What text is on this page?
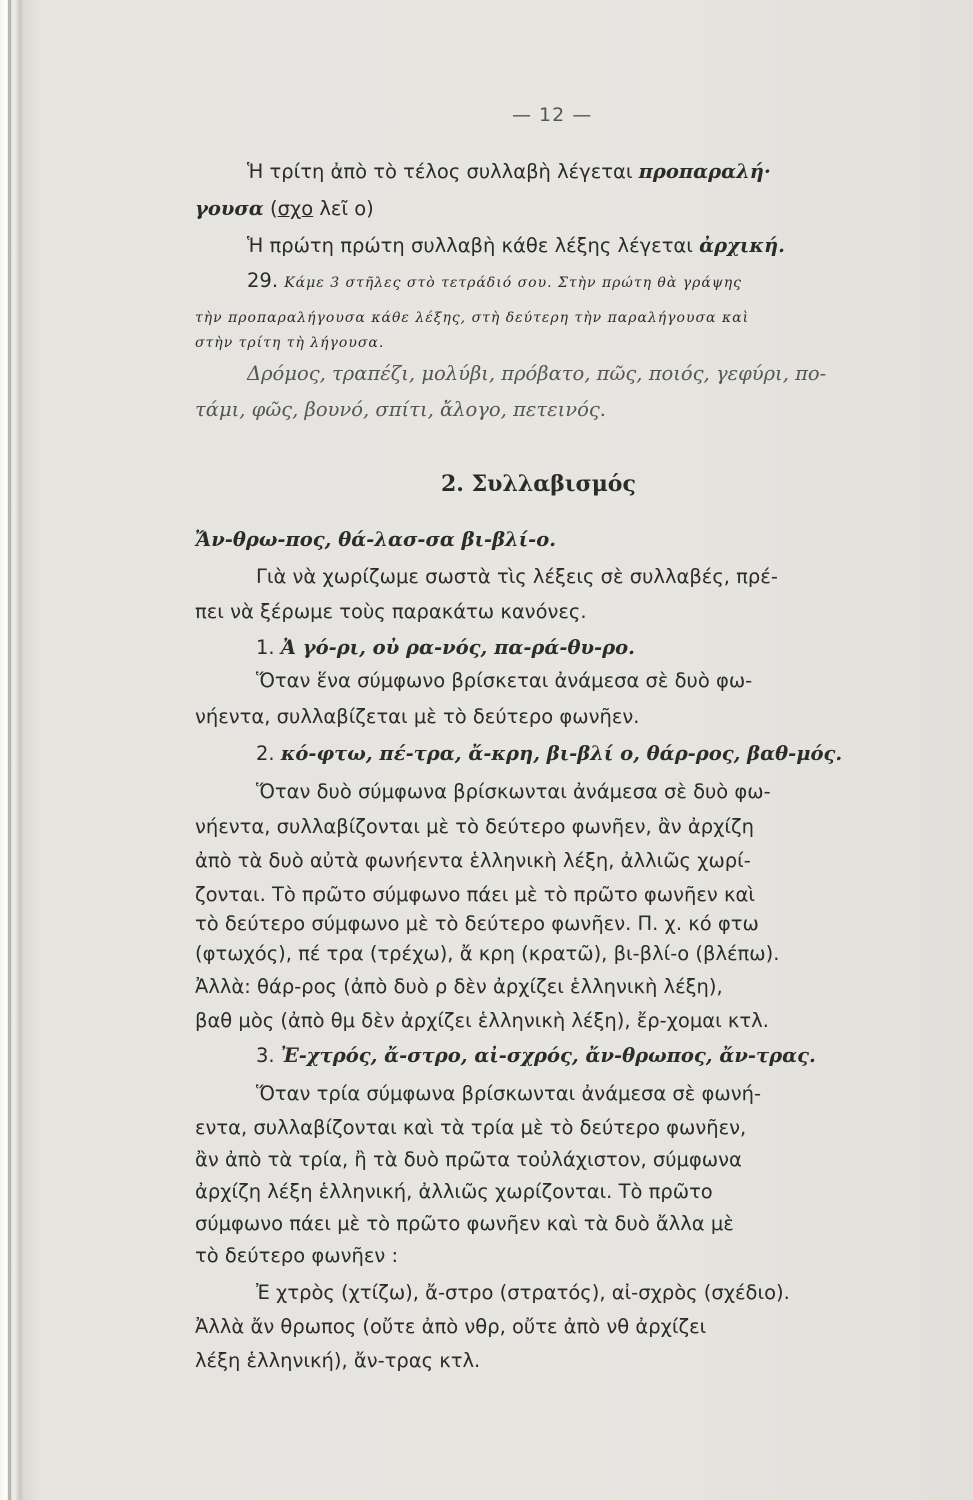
— 12 —
Ἡ τρίτη ἀπὸ τὸ τέλος συλλαβὴ λέγεται προπαραλή·
γουσα (σχο λεῖ ο)
Ἡ πρώτη πρώτη συλλαβὴ κάθε λέξης λέγεται ἀρχική.
29. Κάμε 3 στῆλες στὸ τετράδιό σου. Στὴν πρώτη θὰ γράψης
τὴν προπαραλήγουσα κάθε λέξης, στὴ δεύτερη τὴν παραλήγουσα καὶ
στὴν τρίτη τὴ λήγουσα.
Δρόμος, τραπέζι, μολύβι, πρόβατο, πῶς, ποιός, γεφύρι, πο-
τάμι, φῶς, βουνό, σπίτι, ἄλογο, πετεινός.
2. Συλλαβισμός
Ἄν-θρω-πος, θά-λασ-σα βι-βλί-ο.
Γιὰ νὰ χωρίζωμε σωστὰ τὶς λέξεις σὲ συλλαβές, πρέ-
πει νὰ ξέρωμε τοὺς παρακάτω κανόνες.
1. Ἀ γό-ρι, οὐ ρα-νός, πα-ρά-θυ-ρο.
Ὅταν ἕνα σύμφωνο βρίσκεται ἀνάμεσα σὲ δυὸ φω-
νήεντα, συλλαβίζεται μὲ τὸ δεύτερο φωνῆεν.
2. κό-φτω, πέ-τρα, ἄ-κρη, βι-βλί ο, θάρ-ρος, βαθ-μός.
Ὅταν δυὸ σύμφωνα βρίσκωνται ἀνάμεσα σὲ δυὸ φω-
νήεντα, συλλαβίζονται μὲ τὸ δεύτερο φωνῆεν, ἂν ἀρχίζη
ἀπὸ τὰ δυὸ αὐτὰ φωνήεντα ἑλληνικὴ λέξη, ἀλλιῶς χωρί-
ζονται. Τὸ πρῶτο σύμφωνο πάει μὲ τὸ πρῶτο φωνῆεν καὶ
τὸ δεύτερο σύμφωνο μὲ τὸ δεύτερο φωνῆεν. Π. χ. κό φτω
(φτωχός), πέ τρα (τρέχω), ἄ κρη (κρατῶ), βι-βλί-ο (βλέπω).
Ἀλλὰ: θάρ-ρος (ἀπὸ δυὸ ρ δὲν ἀρχίζει ἑλληνικὴ λέξη),
βαθ μὸς (ἀπὸ θμ δὲν ἀρχίζει ἑλληνικὴ λέξη), ἔρ-χομαι κτλ.
3. Ἐ-χτρός, ἄ-στρο, αἰ-σχρός, ἄν-θρωπος, ἄν-τρας.
Ὅταν τρία σύμφωνα βρίσκωνται ἀνάμεσα σὲ φωνή-
εντα, συλλαβίζονται καὶ τὰ τρία μὲ τὸ δεύτερο φωνῆεν,
ἂν ἀπὸ τὰ τρία, ἢ τὰ δυὸ πρῶτα τοὐλάχιστον, σύμφωνα
ἀρχίζη λέξη ἑλληνική, ἀλλιῶς χωρίζονται. Τὸ πρῶτο
σύμφωνο πάει μὲ τὸ πρῶτο φωνῆεν καὶ τὰ δυὸ ἄλλα μὲ
τὸ δεύτερο φωνῆεν :
Ἐ χτρὸς (χτίζω), ἄ-στρο (στρατός), αἰ-σχρὸς (σχέδιο).
Ἀλλὰ ἄν θρωπος (οὔτε ἀπὸ νθρ, οὔτε ἀπὸ νθ ἀρχίζει
λέξη ἑλληνική), ἄν-τρας κτλ.
